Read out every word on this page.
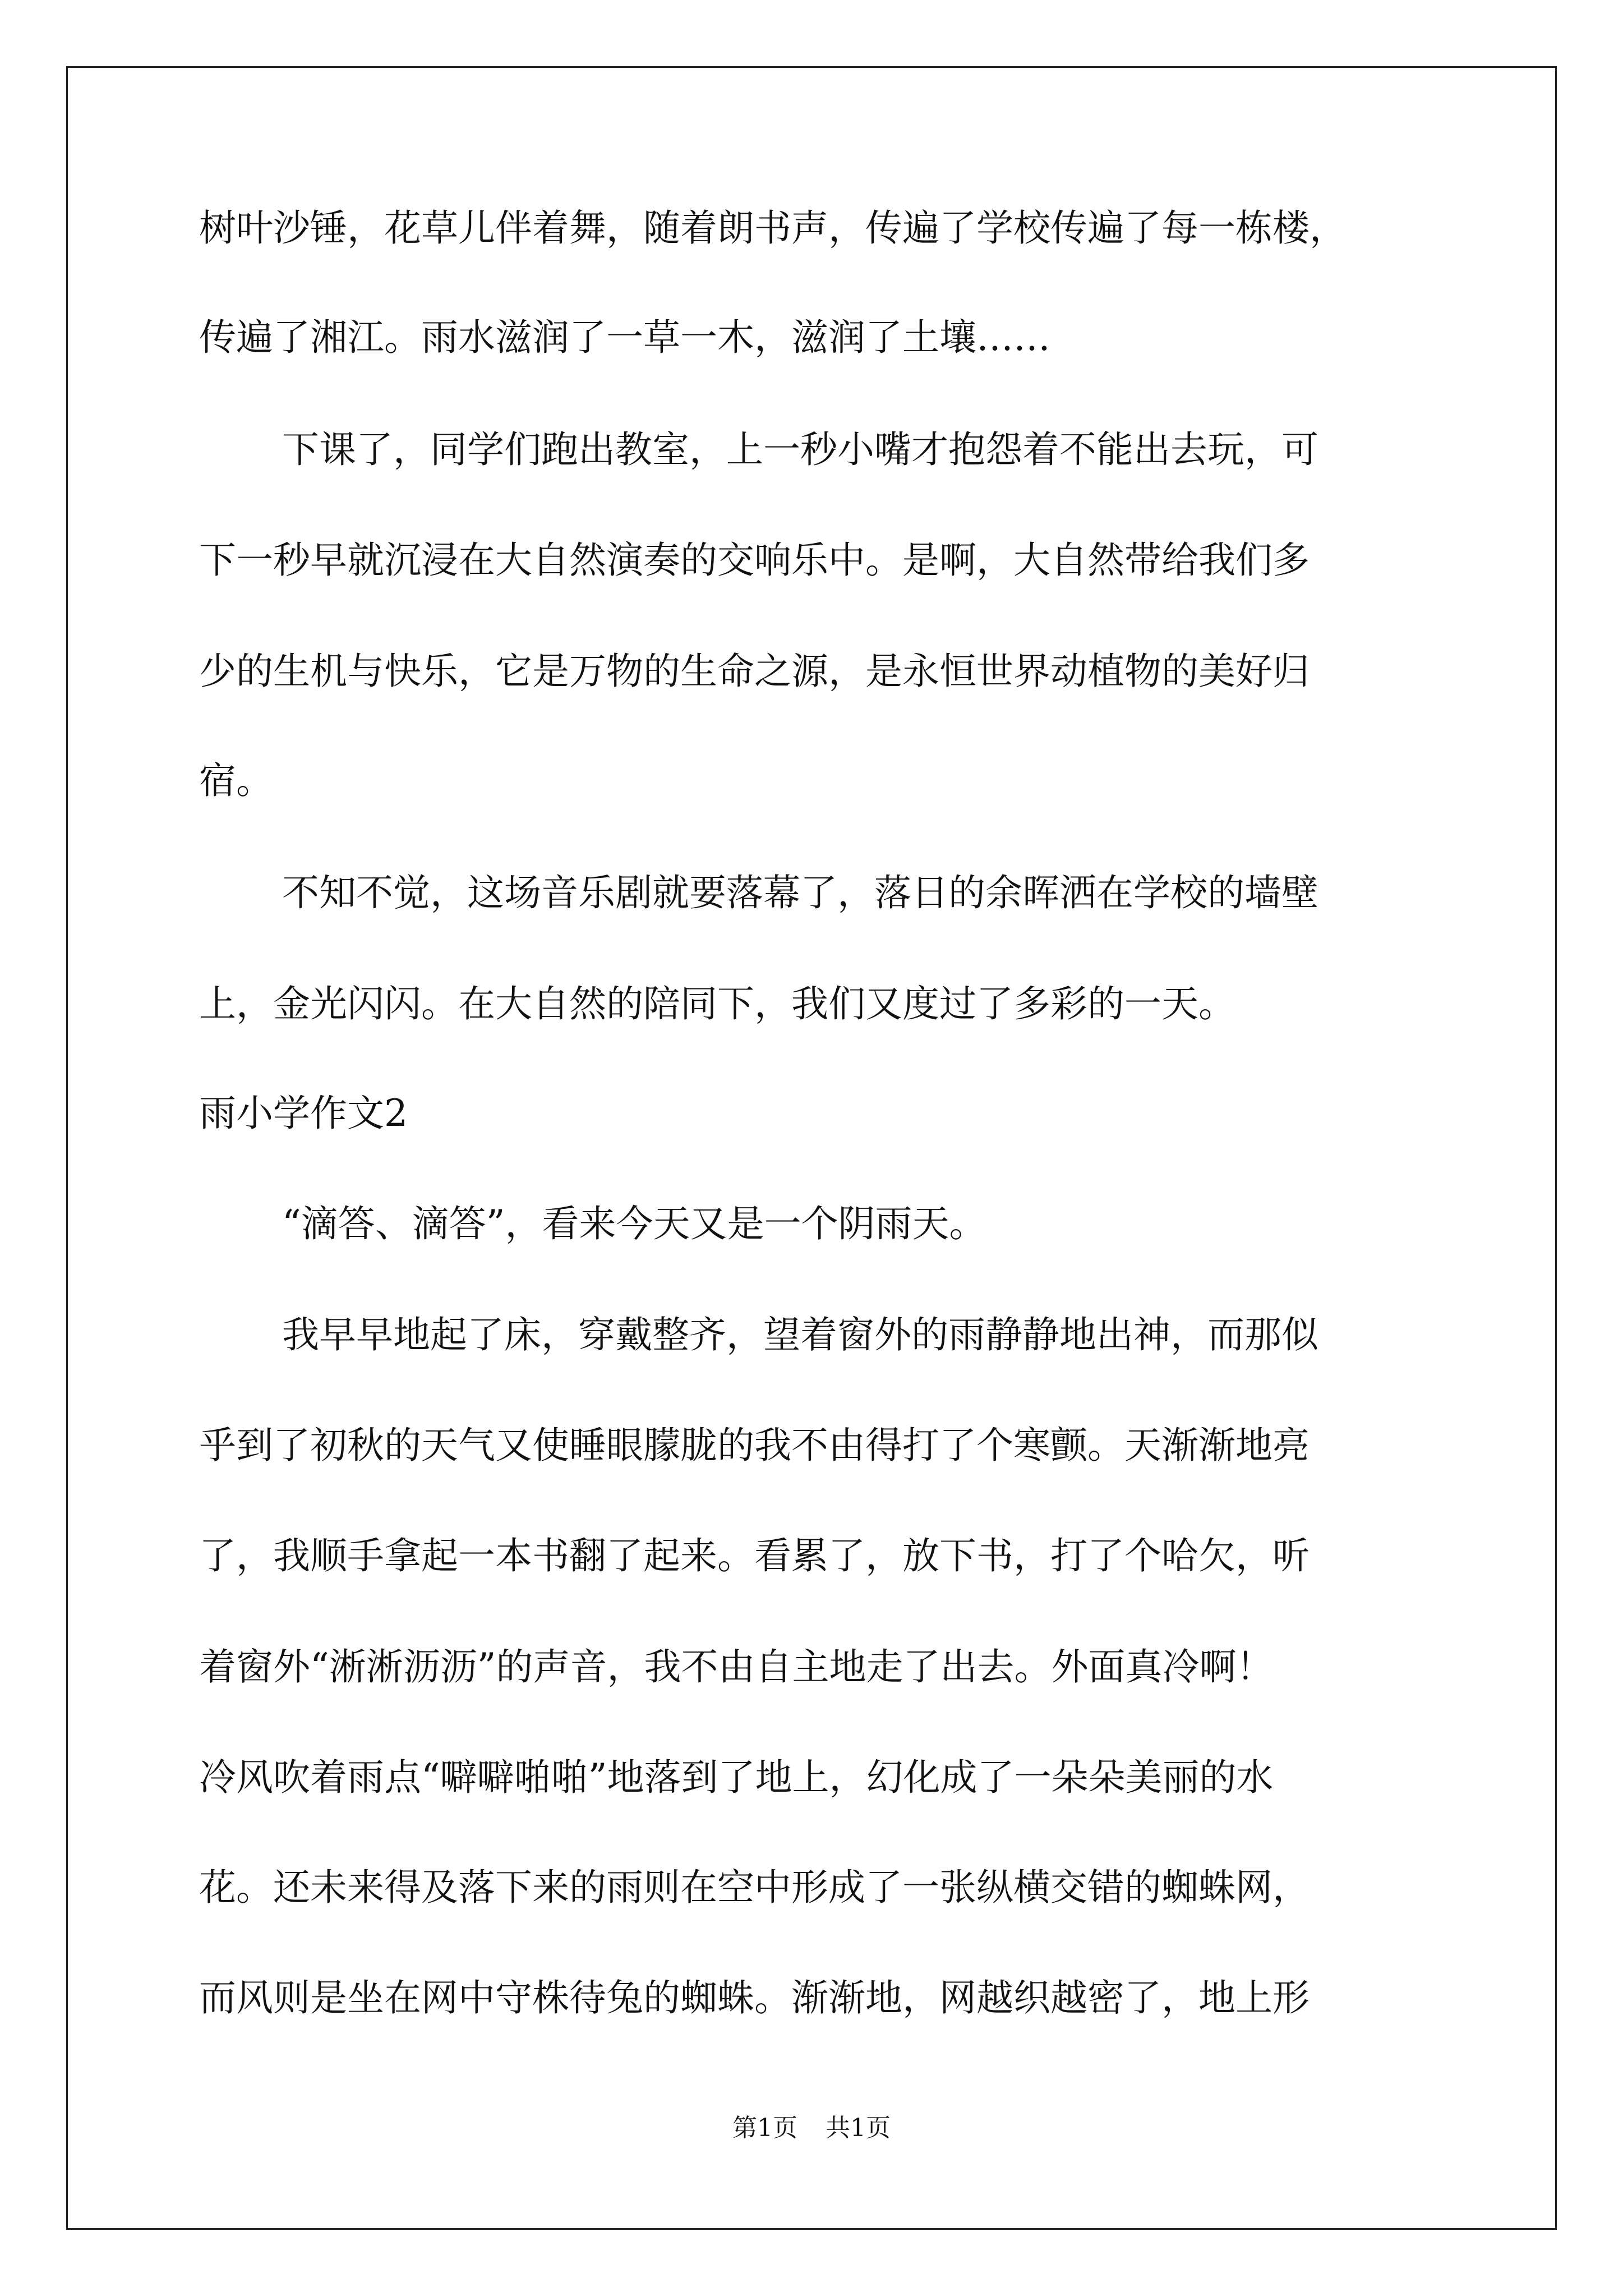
树叶沙锤，花草儿伴着舞，随着朗书声，传遍了学校传遍了每一栋楼，
传遍了湘江。雨水滋润了一草一木，滋润了土壤……
下课了，同学们跑出教室，上一秒小嘴才抱怨着不能出去玩，可
下一秒早就沉浸在大自然演奏的交响乐中。是啊，大自然带给我们多
少的生机与快乐，它是万物的生命之源，是永恒世界动植物的美好归
宿。
不知不觉，这场音乐剧就要落幕了，落日的余晖洒在学校的墙壁
上，金光闪闪。在大自然的陪同下，我们又度过了多彩的一天。
雨小学作文2
“滴答、滴答”，看来今天又是一个阴雨天。
我早早地起了床，穿戴整齐，望着窗外的雨静静地出神，而那似
乎到了初秋的天气又使睡眼朦胧的我不由得打了个寒颤。天渐渐地亮
了，我顺手拿起一本书翻了起来。看累了，放下书，打了个哈欠，听
着窗外“淅淅沥沥”的声音，我不由自主地走了出去。外面真冷啊！
冷风吹着雨点“噼噼啪啪”地落到了地上，幻化成了一朵朵美丽的水
花。还未来得及落下来的雨则在空中形成了一张纵横交错的蜘蛛网，
而风则是坐在网中守株待兔的蜘蛛。渐渐地，网越织越密了，地上形
第1页 共1页
